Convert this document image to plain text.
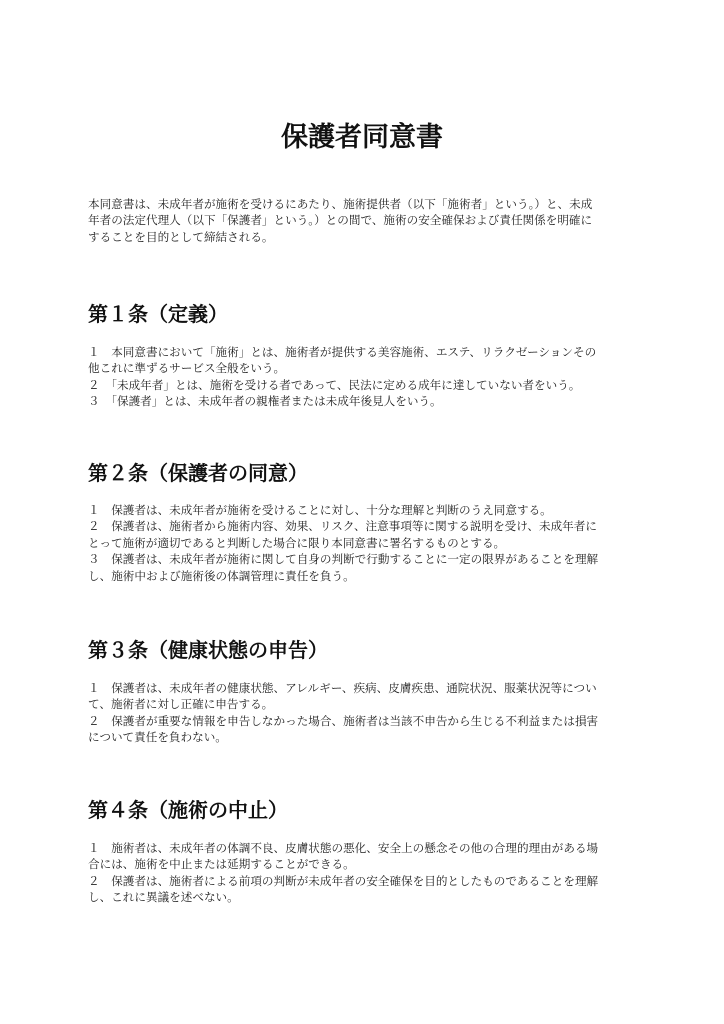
保護者同意書
本同意書は、未成年者が施術を受けるにあたり、施術提供者（以下「施術者」という。）と、未成
年者の法定代理人（以下「保護者」という。）との間で、施術の安全確保および責任関係を明確に
することを目的として締結される。
第１条（定義）
１　本同意書において「施術」とは、施術者が提供する美容施術、エステ、リラクゼーションその
他これに準ずるサービス全般をいう。
２　「未成年者」とは、施術を受ける者であって、民法に定める成年に達していない者をいう。
３　「保護者」とは、未成年者の親権者または未成年後見人をいう。
第２条（保護者の同意）
１　保護者は、未成年者が施術を受けることに対し、十分な理解と判断のうえ同意する。
２　保護者は、施術者から施術内容、効果、リスク、注意事項等に関する説明を受け、未成年者に
とって施術が適切であると判断した場合に限り本同意書に署名するものとする。
３　保護者は、未成年者が施術に関して自身の判断で行動することに一定の限界があることを理解
し、施術中および施術後の体調管理に責任を負う。
第３条（健康状態の申告）
１　保護者は、未成年者の健康状態、アレルギー、疾病、皮膚疾患、通院状況、服薬状況等につい
て、施術者に対し正確に申告する。
２　保護者が重要な情報を申告しなかった場合、施術者は当該不申告から生じる不利益または損害
について責任を負わない。
第４条（施術の中止）
１　施術者は、未成年者の体調不良、皮膚状態の悪化、安全上の懸念その他の合理的理由がある場
合には、施術を中止または延期することができる。
２　保護者は、施術者による前項の判断が未成年者の安全確保を目的としたものであることを理解
し、これに異議を述べない。
